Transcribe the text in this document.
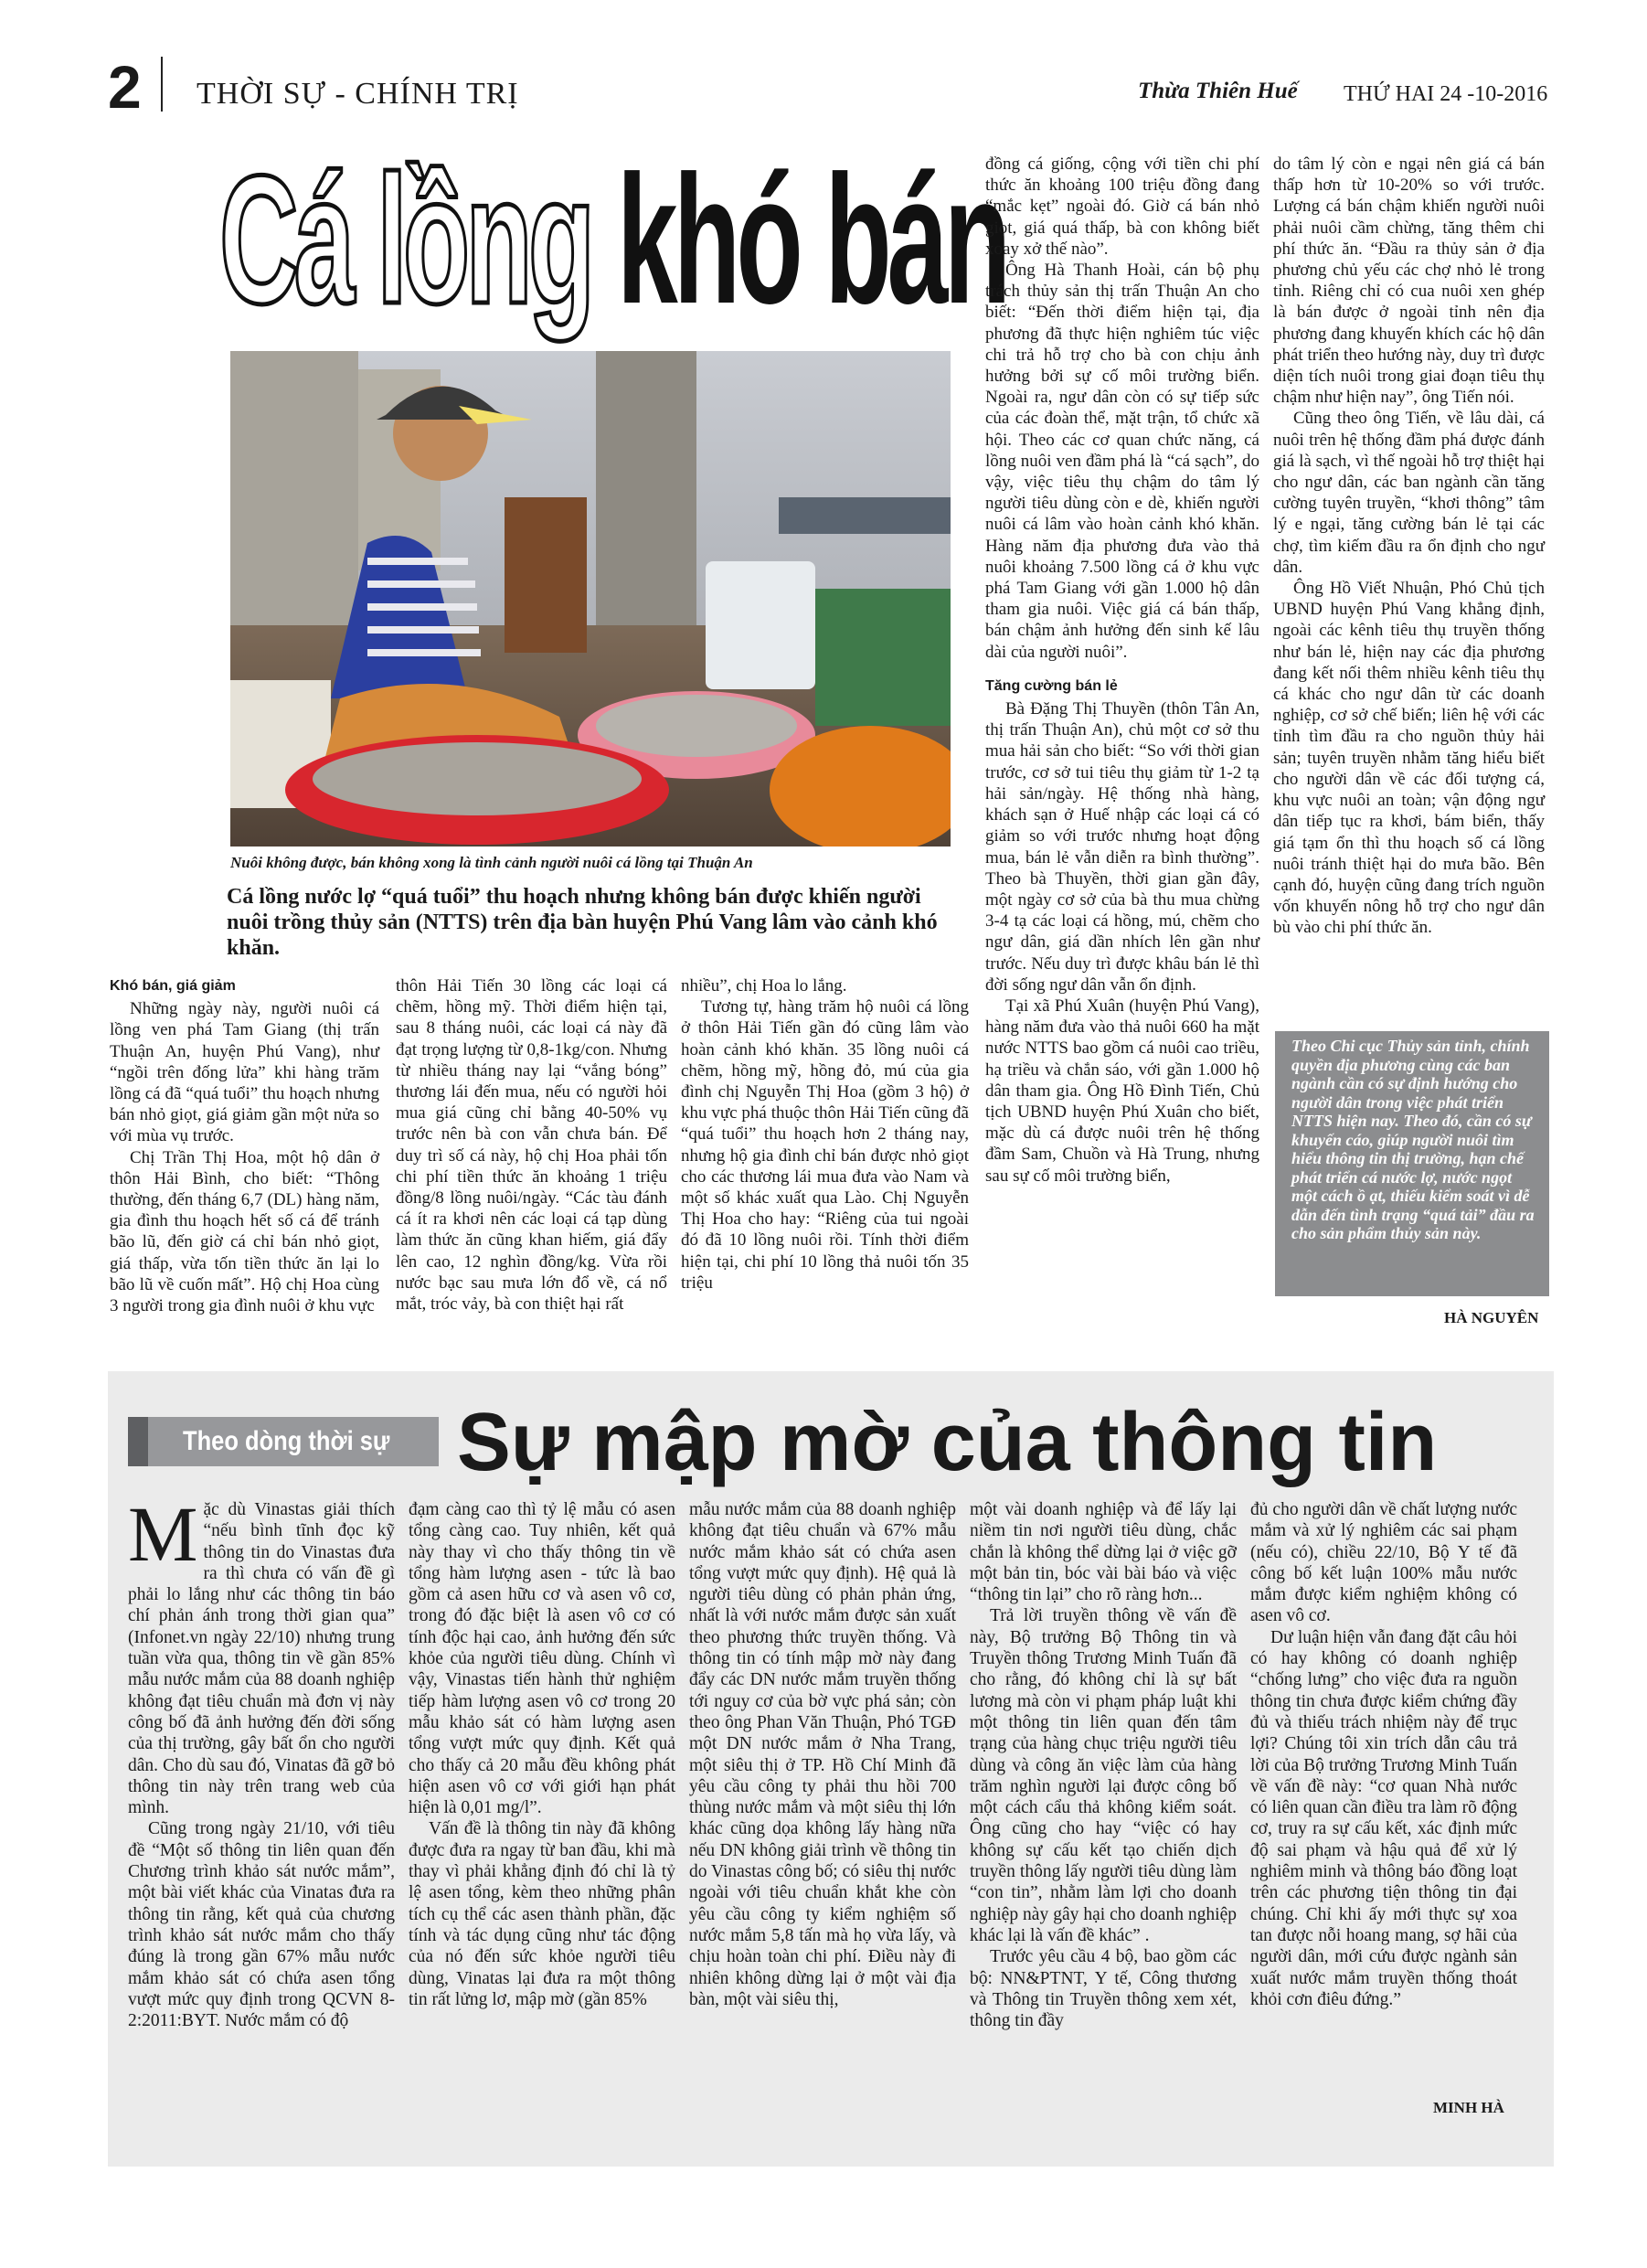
2 THỜI SỰ - CHÍNH TRỊ	Thừa Thiên Huế THỨ HAI 24 -10-2016
Cá lồng khó bán
Nuôi không được, bán không xong là tình cảnh người nuôi cá lồng tại Thuận An
Cá lồng nước lợ “quá tuổi” thu hoạch nhưng không bán được khiến người nuôi trồng thủy sản (NTTS) trên địa bàn huyện Phú Vang lâm vào cảnh khó khăn.
Khó bán, giá giảm

Những ngày này, người nuôi cá lồng ven phá Tam Giang (thị trấn Thuận An, huyện Phú Vang), như “ngồi trên đống lửa” khi hàng trăm lồng cá đã “quá tuổi” thu hoạch nhưng bán nhỏ giọt, giá giảm gần một nửa so với mùa vụ trước.

Chị Trần Thị Hoa, một hộ dân ở thôn Hải Bình, cho biết: “Thông thường, đến tháng 6,7 (DL) hàng năm, gia đình thu hoạch hết số cá để tránh bão lũ, đến giờ cá chỉ bán nhỏ giọt, giá thấp, vừa tốn tiền thức ăn lại lo bão lũ về cuốn mất”. Hộ chị Hoa cùng 3 người trong gia đình nuôi ở khu vực

thôn Hải Tiến 30 lồng các loại cá chẽm, hồng mỹ. Thời điểm hiện tại, sau 8 tháng nuôi, các loại cá này đã đạt trọng lượng từ 0,8-1kg/con. Nhưng từ nhiều tháng nay lại “vắng bóng” thương lái đến mua, nếu có người hỏi mua giá cũng chỉ bằng 40-50% vụ trước nên bà con vẫn chưa bán. Để duy trì số cá này, hộ chị Hoa phải tốn chi phí tiền thức ăn khoảng 1 triệu đồng/8 lồng nuôi/ngày. “Các tàu đánh cá ít ra khơi nên các loại cá tạp dùng làm thức ăn cũng khan hiếm, giá đẩy lên cao, 12 nghìn đồng/kg. Vừa rồi nước bạc sau mưa lớn đổ về, cá nổ mắt, tróc vảy, bà con thiệt hại rất

nhiều”, chị Hoa lo lắng.

Tương tự, hàng trăm hộ nuôi cá lồng ở thôn Hải Tiến gần đó cũng lâm vào hoàn cảnh khó khăn. 35 lồng nuôi cá chẽm, hồng mỹ, hồng đỏ, mú của gia đình chị Nguyễn Thị Hoa (gồm 3 hộ) ở khu vực phá thuộc thôn Hải Tiến cũng đã “quá tuổi” thu hoạch hơn 2 tháng nay, nhưng hộ gia đình chỉ bán được nhỏ giọt cho các thương lái mua đưa vào Nam và một số khác xuất qua Lào. Chị Nguyễn Thị Hoa cho hay: “Riêng của tui ngoài đó đã 10 lồng nuôi rồi. Tính thời điểm hiện tại, chi phí 10 lồng thả nuôi tốn 35 triệu

đồng cá giống, cộng với tiền chi phí thức ăn khoảng 100 triệu đồng đang “mắc kẹt” ngoài đó. Giờ cá bán nhỏ giọt, giá quá thấp, bà con không biết xoay xở thế nào”.

Ông Hà Thanh Hoài, cán bộ phụ trách thủy sản thị trấn Thuận An cho biết: “Đến thời điểm hiện tại, địa phương đã thực hiện nghiêm túc việc chi trả hỗ trợ cho bà con chịu ảnh hưởng bởi sự cố môi trường biển. Ngoài ra, ngư dân còn có sự tiếp sức của các đoàn thể, mặt trận, tổ chức xã hội. Theo các cơ quan chức năng, cá lồng nuôi ven đầm phá là “cá sạch”, do vậy, việc tiêu thụ chậm do tâm lý người tiêu dùng còn e dè, khiến người nuôi cá lâm vào hoàn cảnh khó khăn. Hàng năm địa phương đưa vào thả nuôi khoảng 7.500 lồng cá ở khu vực phá Tam Giang với gần 1.000 hộ dân tham gia nuôi. Việc giá cá bán thấp, bán chậm ảnh hưởng đến sinh kế lâu dài của người nuôi”.

Tăng cường bán lẻ

Bà Đặng Thị Thuyền (thôn Tân An, thị trấn Thuận An), chủ một cơ sở thu mua hải sản cho biết: “So với thời gian trước, cơ sở tui tiêu thụ giảm từ 1-2 tạ hải sản/ngày. Hệ thống nhà hàng, khách sạn ở Huế nhập các loại cá có giảm so với trước nhưng hoạt động mua, bán lẻ vẫn diễn ra bình thường”. Theo bà Thuyền, thời gian gần đây, một ngày cơ sở của bà thu mua chừng 3-4 tạ các loại cá hồng, mú, chẽm cho ngư dân, giá dần nhích lên gần như trước. Nếu duy trì được khâu bán lẻ thì đời sống ngư dân vẫn ổn định.

Tại xã Phú Xuân (huyện Phú Vang), hàng năm đưa vào thả nuôi 660 ha mặt nước NTTS bao gồm cá nuôi cao triều, hạ triều và chắn sáo, với gần 1.000 hộ dân tham gia. Ông Hồ Đình Tiến, Chủ tịch UBND huyện Phú Xuân cho biết, mặc dù cá được nuôi trên hệ thống đầm Sam, Chuồn và Hà Trung, nhưng sau sự cố môi trường biển,

do tâm lý còn e ngại nên giá cá bán thấp hơn từ 10-20% so với trước. Lượng cá bán chậm khiến người nuôi phải nuôi cầm chừng, tăng thêm chi phí thức ăn. “Đầu ra thủy sản ở địa phương chủ yếu các chợ nhỏ lẻ trong tỉnh. Riêng chỉ có cua nuôi xen ghép là bán được ở ngoài tỉnh nên địa phương đang khuyến khích các hộ dân phát triển theo hướng này, duy trì được diện tích nuôi trong giai đoạn tiêu thụ chậm như hiện nay”, ông Tiến nói.

Cũng theo ông Tiến, về lâu dài, cá nuôi trên hệ thống đầm phá được đánh giá là sạch, vì thế ngoài hỗ trợ thiệt hại cho ngư dân, các ban ngành cần tăng cường tuyên truyền, “khơi thông” tâm lý e ngại, tăng cường bán lẻ tại các chợ, tìm kiếm đầu ra ổn định cho ngư dân.

Ông Hồ Viết Nhuận, Phó Chủ tịch UBND huyện Phú Vang khẳng định, ngoài các kênh tiêu thụ truyền thống như bán lẻ, hiện nay các địa phương đang kết nối thêm nhiều kênh tiêu thụ cá khác cho ngư dân từ các doanh nghiệp, cơ sở chế biến; liên hệ với các tỉnh tìm đầu ra cho nguồn thủy hải sản; tuyên truyền nhằm tăng hiểu biết cho người dân về các đối tượng cá, khu vực nuôi an toàn; vận động ngư dân tiếp tục ra khơi, bám biển, thấy giá tạm ổn thì thu hoạch số cá lồng nuôi tránh thiệt hại do mưa bão. Bên cạnh đó, huyện cũng đang trích nguồn vốn khuyến nông hỗ trợ cho ngư dân bù vào chi phí thức ăn.

Theo Chi cục Thủy sản tỉnh, chính quyền địa phương cùng các ban ngành cần có sự định hướng cho người dân trong việc phát triển NTTS hiện nay. Theo đó, cần có sự khuyến cáo, giúp người nuôi tìm hiểu thông tin thị trường, hạn chế phát triển cá nước lợ, nước ngọt một cách ồ ạt, thiếu kiểm soát vì dễ dẫn đến tình trạng “quá tải” đầu ra cho sản phẩm thủy sản này.
HÀ NGUYÊN
Theo dòng thời sự Sự mập mờ của thông tin
M ặc dù Vinastas giải thích “nếu bình tĩnh đọc kỹ thông tin do Vinastas đưa ra thì chưa có vấn đề gì phải lo lắng như các thông tin báo chí phản ánh trong thời gian qua” (Infonet.vn ngày 22/10) nhưng trung tuần vừa qua, thông tin về gần 85% mẫu nước mắm của 88 doanh nghiệp không đạt tiêu chuẩn mà đơn vị này công bố đã ảnh hưởng đến đời sống của thị trường, gây bất ổn cho người dân. Cho dù sau đó, Vinatas đã gỡ bỏ thông tin này trên trang web của mình.

Cũng trong ngày 21/10, với tiêu đề “Một số thông tin liên quan đến Chương trình khảo sát nước mắm”, một bài viết khác của Vinatas đưa ra thông tin rằng, kết quả của chương trình khảo sát nước mắm cho thấy đúng là trong gần 67% mẫu nước mắm khảo sát có chứa asen tổng vượt mức quy định trong QCVN 8-2:2011:BYT. Nước mắm có độ

đạm càng cao thì tỷ lệ mẫu có asen tổng càng cao. Tuy nhiên, kết quả này thay vì cho thấy thông tin về tổng hàm lượng asen - tức là bao gồm cả asen hữu cơ và asen vô cơ, trong đó đặc biệt là asen vô cơ có tính độc hại cao, ảnh hưởng đến sức khỏe của người tiêu dùng. Chính vì vậy, Vinastas tiến hành thử nghiệm tiếp hàm lượng asen vô cơ trong 20 mẫu khảo sát có hàm lượng asen tổng vượt mức quy định. Kết quả cho thấy cả 20 mẫu đều không phát hiện asen vô cơ với giới hạn phát hiện là 0,01 mg/l”.

Vấn đề là thông tin này đã không được đưa ra ngay từ ban đầu, khi mà thay vì phải khẳng định đó chỉ là tỷ lệ asen tổng, kèm theo những phân tích cụ thể các asen thành phần, đặc tính và tác dụng cũng như tác động của nó đến sức khỏe người tiêu dùng, Vinatas lại đưa ra một thông tin rất lửng lơ, mập mờ (gần 85%

mẫu nước mắm của 88 doanh nghiệp không đạt tiêu chuẩn và 67% mẫu nước mắm khảo sát có chứa asen tổng vượt mức quy định). Hệ quả là người tiêu dùng có phản phản ứng, nhất là với nước mắm được sản xuất theo phương thức truyền thống. Và thông tin có tính mập mờ này đang đẩy các DN nước mắm truyền thống tới nguy cơ của bờ vực phá sản; còn theo ông Phan Văn Thuận, Phó TGĐ một DN nước mắm ở Nha Trang, một siêu thị ở TP. Hồ Chí Minh đã yêu cầu công ty phải thu hồi 700 thùng nước mắm và một siêu thị lớn khác cũng dọa không lấy hàng nữa nếu DN không giải trình về thông tin do Vinastas công bố; có siêu thị nước ngoài với tiêu chuẩn khắt khe còn yêu cầu công ty kiểm nghiệm số nước mắm 5,8 tấn mà họ vừa lấy, và chịu hoàn toàn chi phí. Điều này đi nhiên không dừng lại ở một vài địa bàn, một vài siêu thị,

một vài doanh nghiệp và để lấy lại niềm tin nơi người tiêu dùng, chắc chắn là không thể dừng lại ở việc gỡ một bản tin, bóc vài bài báo và việc “thông tin lại” cho rõ ràng hơn...

Trả lời truyền thông về vấn đề này, Bộ trưởng Bộ Thông tin và Truyền thông Trương Minh Tuấn đã cho rằng, đó không chỉ là sự bất lương mà còn vi phạm pháp luật khi một thông tin liên quan đến tâm trạng của hàng chục triệu người tiêu dùng và công ăn việc làm của hàng trăm nghìn người lại được công bố một cách cẩu thả không kiểm soát. Ông cũng cho hay “việc có hay không sự cấu kết tạo chiến dịch truyền thông lấy người tiêu dùng làm “con tin”, nhằm làm lợi cho doanh nghiệp này gây hại cho doanh nghiệp khác lại là vấn đề khác” .

Trước yêu cầu 4 bộ, bao gồm các bộ: NN&PTNT, Y tế, Công thương và Thông tin Truyền thông xem xét, thông tin đầy

đủ cho người dân về chất lượng nước mắm và xử lý nghiêm các sai phạm (nếu có), chiều 22/10, Bộ Y tế đã công bố kết luận 100% mẫu nước mắm được kiểm nghiệm không có asen vô cơ.

Dư luận hiện vẫn đang đặt câu hỏi có hay không có doanh nghiệp “chống lưng” cho việc đưa ra nguồn thông tin chưa được kiểm chứng đầy đủ và thiếu trách nhiệm này để trục lợi? Chúng tôi xin trích dẫn câu trả lời của Bộ trưởng Trương Minh Tuấn về vấn đề này: “cơ quan Nhà nước có liên quan cần điều tra làm rõ động cơ, truy ra sự cấu kết, xác định mức độ sai phạm và hậu quả để xử lý nghiêm minh và thông báo đồng loạt trên các phương tiện thông tin đại chúng. Chỉ khi ấy mới thực sự xoa tan được nỗi hoang mang, sợ hãi của người dân, mới cứu được ngành sản xuất nước mắm truyền thống thoát khỏi cơn điêu đứng.”

MINH HÀ
